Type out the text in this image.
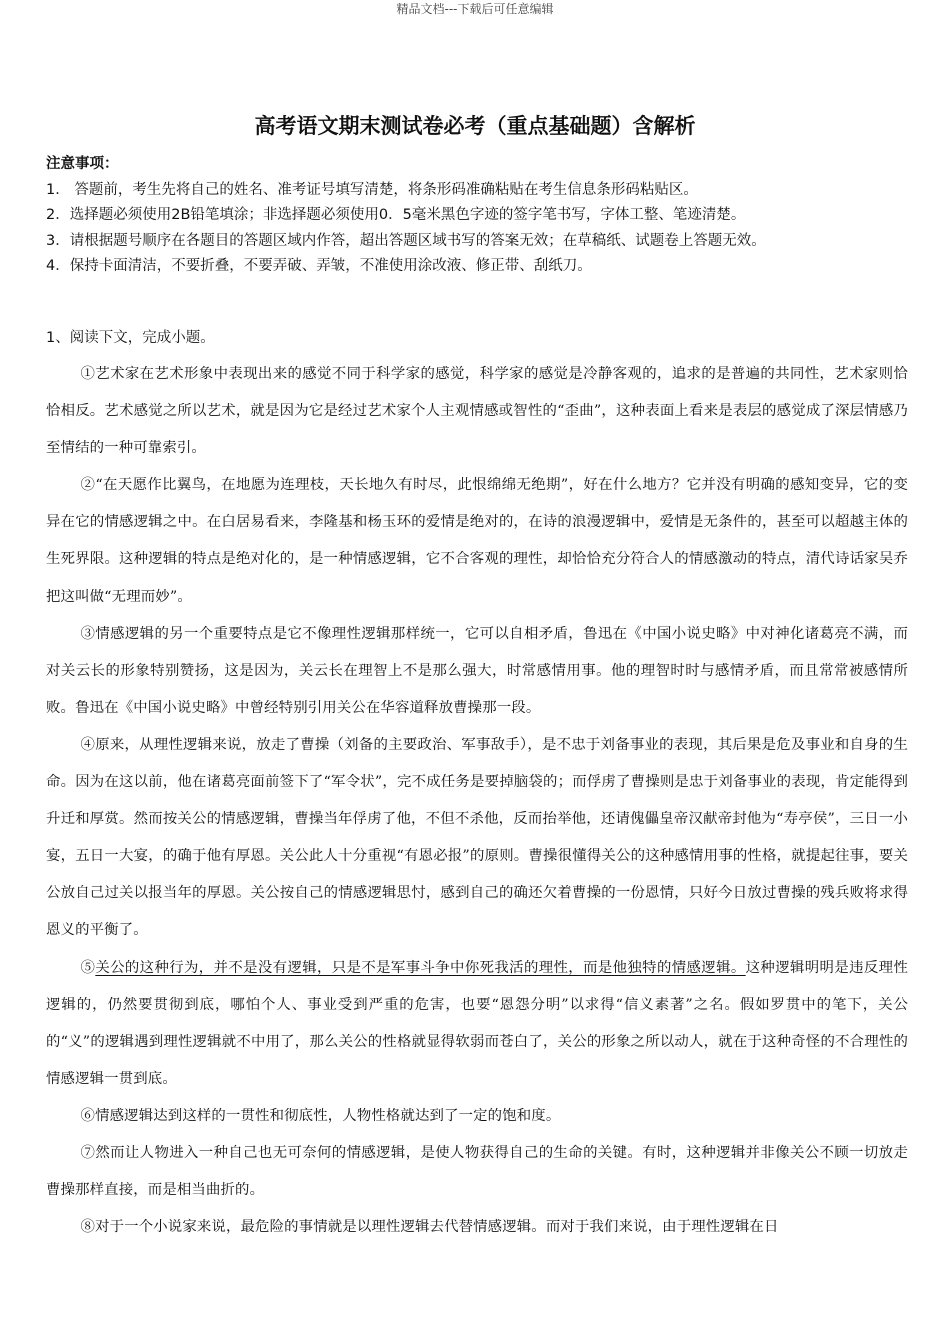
精品文档---下载后可任意编辑
高考语文期末测试卷必考（重点基础题）含解析
注意事项：
1． 答题前，考生先将自己的姓名、准考证号填写清楚，将条形码准确粘贴在考生信息条形码粘贴区。
2．选择题必须使用2B铅笔填涂；非选择题必须使用0．5毫米黑色字迹的签字笔书写，字体工整、笔迹清楚。
3．请根据题号顺序在各题目的答题区域内作答，超出答题区域书写的答案无效；在草稿纸、试题卷上答题无效。
4．保持卡面清洁，不要折叠，不要弄破、弄皱，不准使用涂改液、修正带、刮纸刀。
1、阅读下文，完成小题。

①艺术家在艺术形象中表现出来的感觉不同于科学家的感觉，科学家的感觉是冷静客观的，追求的是普遍的共同性，艺术家则恰恰相反。艺术感觉之所以艺术，就是因为它是经过艺术家个人主观情感或智性的“歪曲”，这种表面上看来是表层的感觉成了深层情感乃至情结的一种可靠索引。

②“在天愿作比翼鸟，在地愿为连理枝，天长地久有时尽，此恨绵绵无绝期”，好在什么地方？它并没有明确的感知变异，它的变异在它的情感逻辑之中。在白居易看来，李隆基和杨玉环的爱情是绝对的，在诗的浪漫逻辑中，爱情是无条件的，甚至可以超越主体的生死界限。这种逻辑的特点是绝对化的，是一种情感逻辑，它不合客观的理性，却恰恰充分符合人的情感激动的特点，清代诗话家吴乔把这叫做“无理而妙”。

③情感逻辑的另一个重要特点是它不像理性逻辑那样统一，它可以自相矛盾，鲁迅在《中国小说史略》中对神化诸葛亮不满，而对关云长的形象特别赞扬，这是因为，关云长在理智上不是那么强大，时常感情用事。他的理智时时与感情矛盾，而且常常被感情所败。鲁迅在《中国小说史略》中曾经特别引用关公在华容道释放曹操那一段。

④原来，从理性逻辑来说，放走了曹操（刘备的主要政治、军事敌手），是不忠于刘备事业的表现，其后果是危及事业和自身的生命。因为在这以前，他在诸葛亮面前签下了“军令状”，完不成任务是要掉脑袋的；而俘虏了曹操则是忠于刘备事业的表现，肯定能得到升迁和厚赏。然而按关公的情感逻辑，曹操当年俘虏了他，不但不杀他，反而抬举他，还请傀儡皇帝汉献帝封他为“寿亭侯”，三日一小宴，五日一大宴，的确于他有厚恩。关公此人十分重视“有恩必报”的原则。曹操很懂得关公的这种感情用事的性格，就提起往事，要关公放自己过关以报当年的厚恩。关公按自己的情感逻辑思忖，感到自己的确还欠着曹操的一份恩情，只好今日放过曹操的残兵败将求得恩义的平衡了。

⑤关公的这种行为，并不是没有逻辑，只是不是军事斗争中你死我活的理性，而是他独特的情感逻辑。这种逻辑明明是违反理性逻辑的，仍然要贯彻到底，哪怕个人、事业受到严重的危害，也要“恩怨分明”以求得“信义素著”之名。假如罗贯中的笔下，关公的“义”的逻辑遇到理性逻辑就不中用了，那么关公的性格就显得软弱而苍白了，关公的形象之所以动人，就在于这种奇怪的不合理性的情感逻辑一贯到底。

⑥情感逻辑达到这样的一贯性和彻底性，人物性格就达到了一定的饱和度。

⑦然而让人物进入一种自己也无可奈何的情感逻辑，是使人物获得自己的生命的关键。有时，这种逻辑并非像关公不顾一切放走曹操那样直接，而是相当曲折的。

⑧对于一个小说家来说，最危险的事情就是以理性逻辑去代替情感逻辑。而对于我们来说，由于理性逻辑在日
